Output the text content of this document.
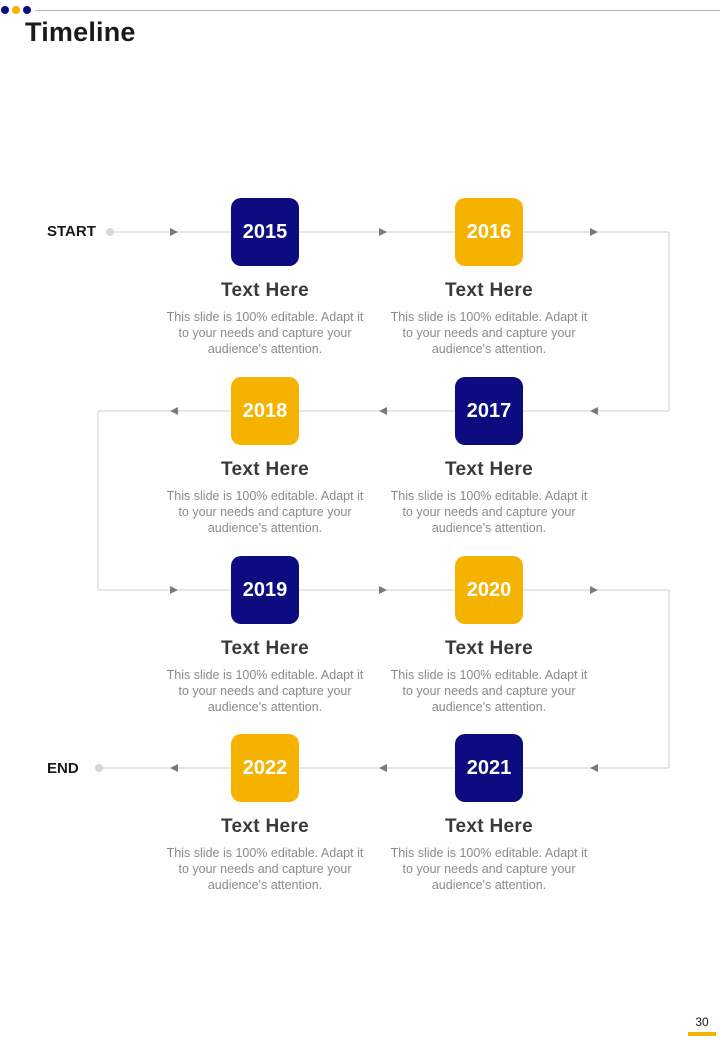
Timeline
START
END
2015
Text Here
This slide is 100% editable. Adapt it
to your needs and capture your
audience's attention.
2016
Text Here
This slide is 100% editable. Adapt it
to your needs and capture your
audience's attention.
2017
Text Here
This slide is 100% editable. Adapt it
to your needs and capture your
audience's attention.
2018
Text Here
This slide is 100% editable. Adapt it
to your needs and capture your
audience's attention.
2019
Text Here
This slide is 100% editable. Adapt it
to your needs and capture your
audience's attention.
2020
Text Here
This slide is 100% editable. Adapt it
to your needs and capture your
audience's attention.
2021
Text Here
This slide is 100% editable. Adapt it
to your needs and capture your
audience's attention.
2022
Text Here
This slide is 100% editable. Adapt it
to your needs and capture your
audience's attention.
30
